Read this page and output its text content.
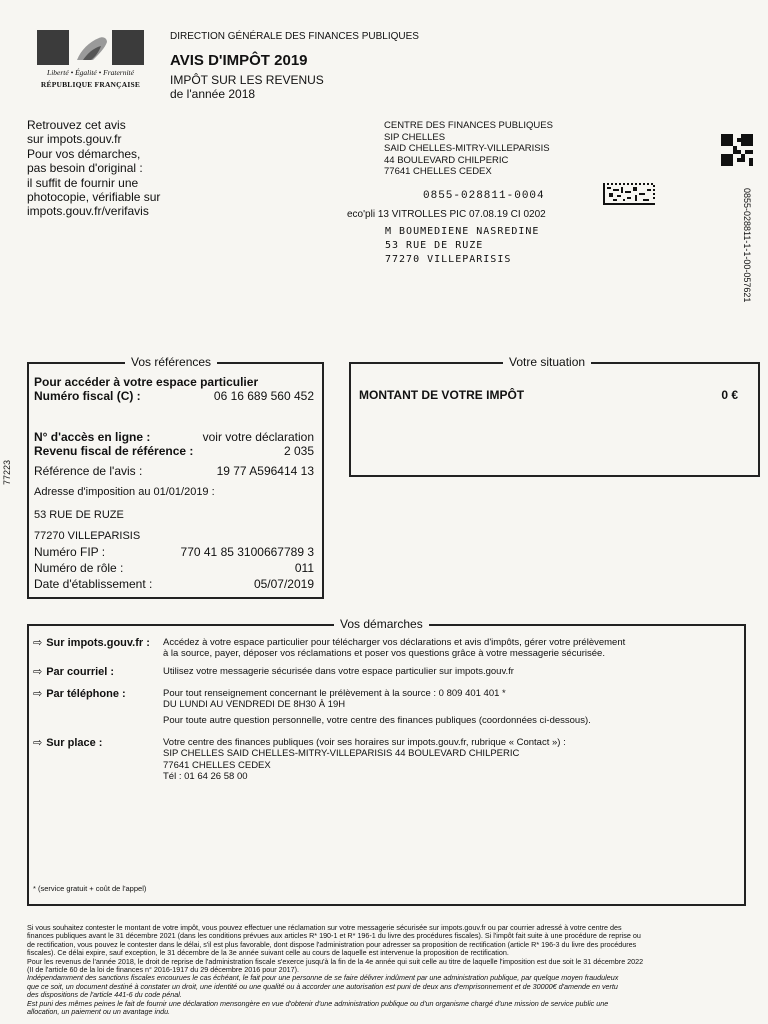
Liberté • Égalité • Fraternité
RÉPUBLIQUE FRANÇAISE
DIRECTION GÉNÉRALE DES FINANCES PUBLIQUES
AVIS D'IMPÔT 2019
IMPÔT SUR LES REVENUS
de l'année 2018
Retrouvez cet avis
sur impots.gouv.fr
Pour vos démarches,
pas besoin d'original :
il suffit de fournir une
photocopie, vérifiable sur
impots.gouv.fr/verifavis
CENTRE DES FINANCES PUBLIQUES
SIP CHELLES
SAID CHELLES-MITRY-VILLEPARISIS
44 BOULEVARD CHILPERIC
77641 CHELLES CEDEX
0855-028811-0004
eco'pli 13 VITROLLES PIC 07.08.19 CI 0202
M BOUMEDIENE NASREDINE
53 RUE DE RUZE
77270 VILLEPARISIS	0855-028811-1-1-00-057621
77223
Vos références
Pour accéder à votre espace particulier
Numéro fiscal (C) :	06 16 689 560 452
N° d'accès en ligne :	voir votre déclaration
Revenu fiscal de référence :	2 035
Référence de l'avis :	19 77 A596414 13
Adresse d'imposition au 01/01/2019 :
53 RUE DE RUZE
77270 VILLEPARISIS
Numéro FIP :	770 41 85 3100667789 3
Numéro de rôle :	011
Date d'établissement :	05/07/2019
Votre situation
MONTANT DE VOTRE IMPÔT	0 €
Vos démarches
⇨ Sur impots.gouv.fr : Accédez à votre espace particulier pour télécharger vos déclarations et avis d'impôts, gérer votre prélèvement
à la source, payer, déposer vos réclamations et poser vos questions grâce à votre messagerie sécurisée.
⇨ Par courriel :	Utilisez votre messagerie sécurisée dans votre espace particulier sur impots.gouv.fr
⇨ Par téléphone :	Pour tout renseignement concernant le prélèvement à la source : 0 809 401 401 *
DU LUNDI AU VENDREDI DE 8H30 À 19H
Pour toute autre question personnelle, votre centre des finances publiques (coordonnées ci-dessous).
⇨ Sur place :	Votre centre des finances publiques (voir ses horaires sur impots.gouv.fr, rubrique « Contact ») :
SIP CHELLES SAID CHELLES-MITRY-VILLEPARISIS 44 BOULEVARD CHILPERIC
77641 CHELLES CEDEX
Tél : 01 64 26 58 00
* (service gratuit + coût de l'appel)

Si vous souhaitez contester le montant de votre impôt, vous pouvez effectuer une réclamation sur votre messagerie sécurisée sur impots.gouv.fr ou par courrier adressé à votre centre des

finances publiques avant le 31 décembre 2021 (dans les conditions prévues aux articles R* 190-1 et R* 196-1 du livre des procédures fiscales). Si l'impôt fait suite à une procédure de reprise ou

de rectification, vous pouvez le contester dans le délai, s'il est plus favorable, dont dispose l'administration pour adresser sa proposition de rectification (article R* 196-3 du livre des procédures

fiscales). Ce délai expire, sauf exception, le 31 décembre de la 3e année suivant celle au cours de laquelle est intervenue la proposition de rectification.

Pour les revenus de l'année 2018, le droit de reprise de l'administration fiscale s'exerce jusqu'à la fin de la 4e année qui suit celle au titre de laquelle l'imposition est due soit le 31 décembre 2022

(II de l'article 60 de la loi de finances n° 2016-1917 du 29 décembre 2016 pour 2017).

Indépendamment des sanctions fiscales encourues le cas échéant, le fait pour une personne de se faire délivrer indûment par une administration publique, par quelque moyen frauduleux

que ce soit, un document destiné à constater un droit, une identité ou une qualité ou à accorder une autorisation est puni de deux ans d'emprisonnement et de 30000€ d'amende en vertu

des dispositions de l'article 441-6 du code pénal.

Est puni des mêmes peines le fait de fournir une déclaration mensongère en vue d'obtenir d'une administration publique ou d'un organisme chargé d'une mission de service public une

allocation, un paiement ou un avantage indu.
